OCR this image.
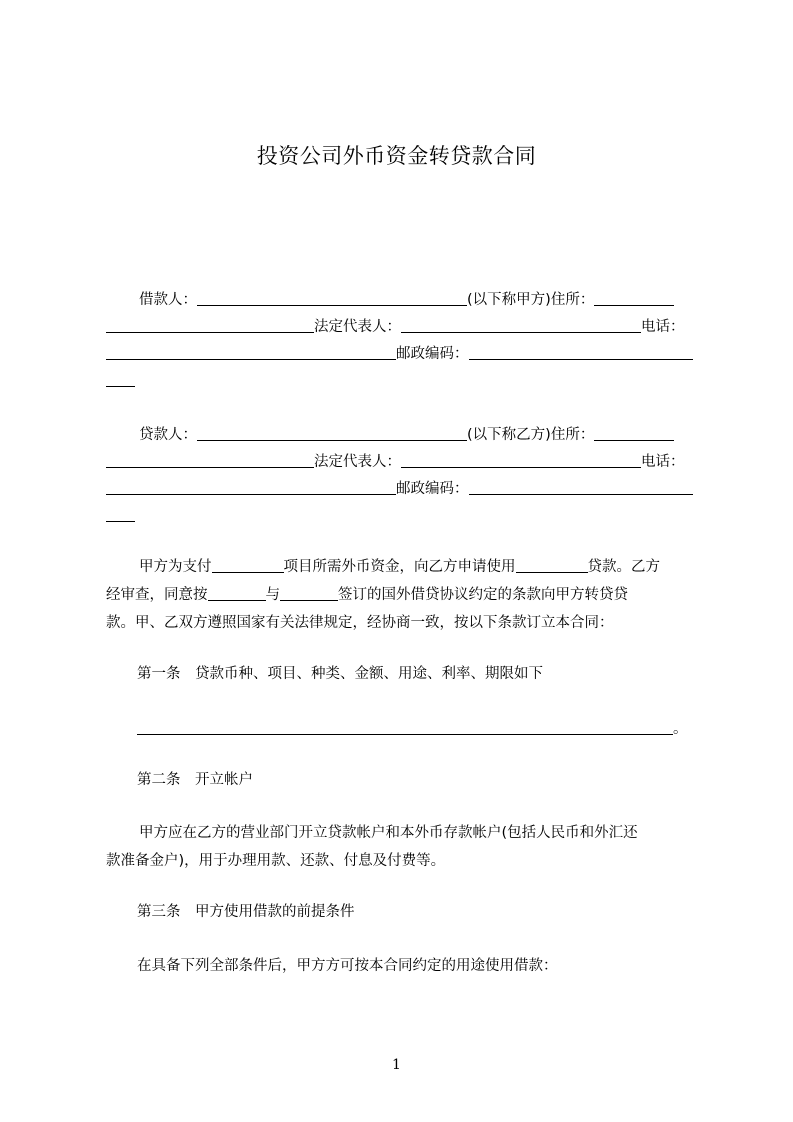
投资公司外币资金转贷款合同
借款人：	(以下称甲方) 住所：
法定代表人：	电话：
邮政编码：
贷款人：	(以下称乙方) 住所：
法定代表人：	电话：
邮政编码：
甲方为支付	项目所需外币资金，向乙方申请使用	贷款。乙方
经审查，同意按	与	签订的国外借贷协议约定的条款向甲方转贷贷
款。甲、乙双方遵照国家有关法律规定，经协商一致，按以下条款订立本合同：
第一条　贷款币种、项目、种类、金额、用途、利率、期限如下
。
第二条　开立帐户
甲方应在乙方的营业部门开立贷款帐户和本外币存款帐户(包括人民币和外汇还
款准备金户)，用于办理用款、还款、付息及付费等。
第三条　甲方使用借款的前提条件
在具备下列全部条件后，甲方方可按本合同约定的用途使用借款：
1
